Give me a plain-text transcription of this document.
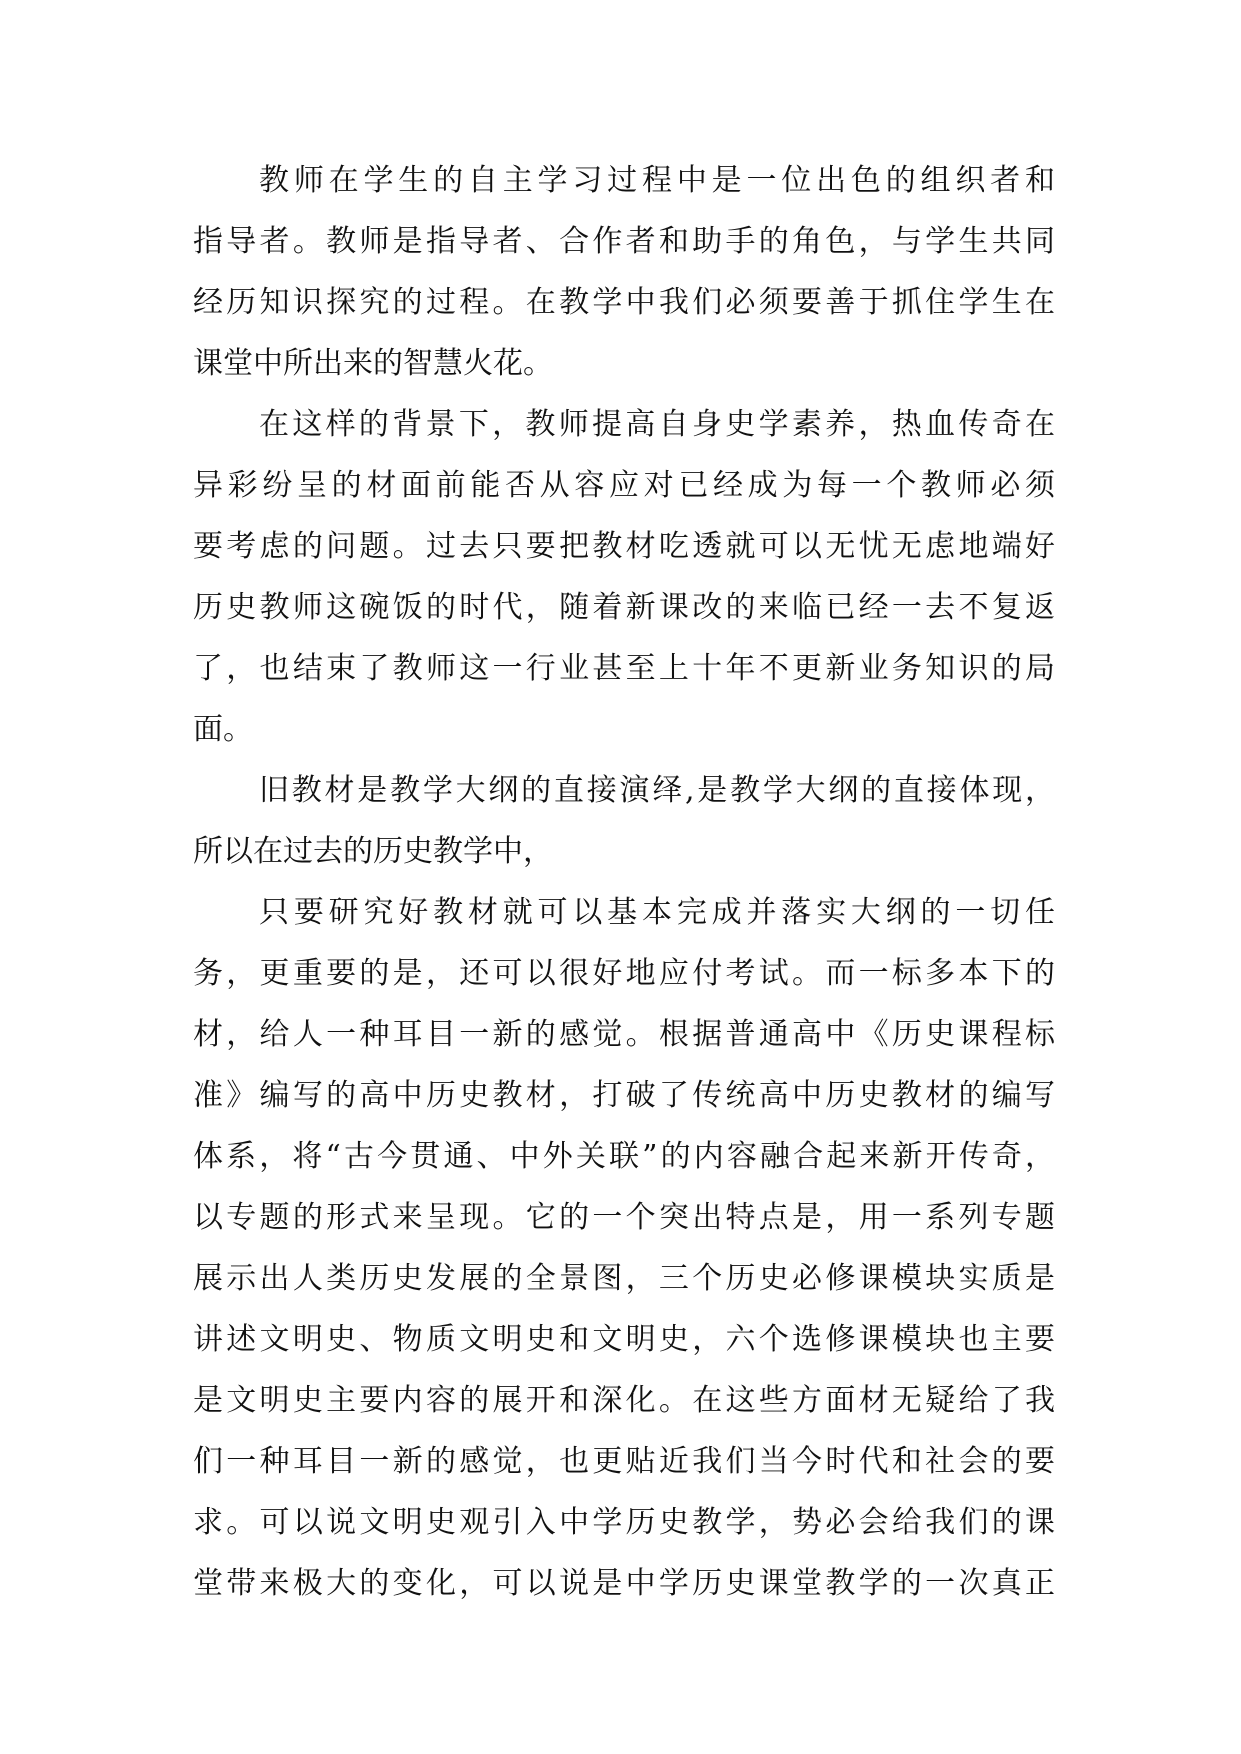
教师在学生的自主学习过程中是一位出色的组织者和
指导者。教师是指导者、合作者和助手的角色，与学生共同
经历知识探究的过程。在教学中我们必须要善于抓住学生在
课堂中所出来的智慧火花。
在这样的背景下，教师提高自身史学素养，热血传奇在
异彩纷呈的材面前能否从容应对已经成为每一个教师必须
要考虑的问题。过去只要把教材吃透就可以无忧无虑地端好
历史教师这碗饭的时代，随着新课改的来临已经一去不复返
了，也结束了教师这一行业甚至上十年不更新业务知识的局
面。
旧教材是教学大纲的直接演绎,是教学大纲的直接体现，
所以在过去的历史教学中，
只要研究好教材就可以基本完成并落实大纲的一切任
务，更重要的是，还可以很好地应付考试。而一标多本下的
材，给人一种耳目一新的感觉。根据普通高中《历史课程标
准》编写的高中历史教材，打破了传统高中历史教材的编写
体系，将“古今贯通、中外关联”的内容融合起来新开传奇，
以专题的形式来呈现。它的一个突出特点是，用一系列专题
展示出人类历史发展的全景图，三个历史必修课模块实质是
讲述文明史、物质文明史和文明史，六个选修课模块也主要
是文明史主要内容的展开和深化。在这些方面材无疑给了我
们一种耳目一新的感觉，也更贴近我们当今时代和社会的要
求。可以说文明史观引入中学历史教学，势必会给我们的课
堂带来极大的变化，可以说是中学历史课堂教学的一次真正
